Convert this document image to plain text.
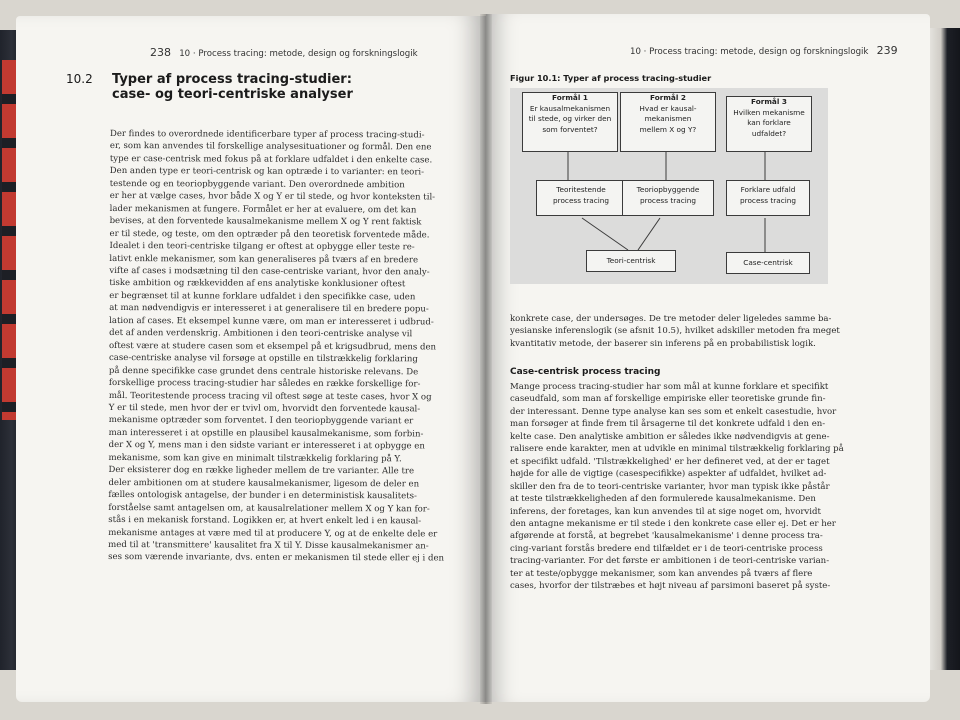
238 10 · Process tracing: metode, design og forskningslogik
10.2 Typer af process tracing-studier:
case- og teori-centriske analyser
Der findes to overordnede identificerbare typer af process tracing-studi-
er, som kan anvendes til forskellige analysesituationer og formål. Den ene
type er case-centrisk med fokus på at forklare udfaldet i den enkelte case.
Den anden type er teori-centrisk og kan optræde i to varianter: en teori-
testende og en teoriopbyggende variant. Den overordnede ambition
er her at vælge cases, hvor både X og Y er til stede, og hvor konteksten til-
lader mekanismen at fungere. Formålet er her at evaluere, om det kan
bevises, at den forventede kausalmekanisme mellem X og Y rent faktisk
er til stede, og teste, om den optræder på den teoretisk forventede måde.
Idealet i den teori-centriske tilgang er oftest at opbygge eller teste re-
lativt enkle mekanismer, som kan generaliseres på tværs af en bredere
vifte af cases i modsætning til den case-centriske variant, hvor den analy-
tiske ambition og rækkevidden af ens analytiske konklusioner oftest
er begrænset til at kunne forklare udfaldet i den specifikke case, uden
at man nødvendigvis er interesseret i at generalisere til en bredere popu-
lation af cases. Et eksempel kunne være, om man er interesseret i udbrud-
det af anden verdenskrig. Ambitionen i den teori-centriske analyse vil
oftest være at studere casen som et eksempel på et krigsudbrud, mens den
case-centriske analyse vil forsøge at opstille en tilstrækkelig forklaring
på denne specifikke case grundet dens centrale historiske relevans. De
forskellige process tracing-studier har således en række forskellige for-
mål. Teoritestende process tracing vil oftest søge at teste cases, hvor X og
Y er til stede, men hvor der er tvivl om, hvorvidt den forventede kausal-
mekanisme optræder som forventet. I den teoriopbyggende variant er
man interesseret i at opstille en plausibel kausalmekanisme, som forbin-
der X og Y, mens man i den sidste variant er interesseret i at opbygge en
mekanisme, som kan give en minimalt tilstrækkelig forklaring på Y.
Der eksisterer dog en række ligheder mellem de tre varianter. Alle tre
deler ambitionen om at studere kausalmekanismer, ligesom de deler en
fælles ontologisk antagelse, der bunder i en deterministisk kausalitets-
forståelse samt antagelsen om, at kausalrelationer mellem X og Y kan for-
stås i en mekanisk forstand. Logikken er, at hvert enkelt led i en kausal-
mekanisme antages at være med til at producere Y, og at de enkelte dele er
med til at 'transmittere' kausalitet fra X til Y. Disse kausalmekanismer an-
ses som værende invariante, dvs. enten er mekanismen til stede eller ej i den
10 · Process tracing: metode, design og forskningslogik 239
Figur 10.1: Typer af process tracing-studier
Formål 1
Er kausalmekanismen
til stede, og virker den
som forventet?
Formål 2
Hvad er kausal-
mekanismen
mellem X og Y?
Formål 3
Hvilken mekanisme
kan forklare
udfaldet?
Teoritestende
process tracing
Teoriopbyggende
process tracing
Forklare udfald
process tracing
Teori-centrisk	Case-centrisk
konkrete case, der undersøges. De tre metoder deler ligeledes samme ba-
yesianske inferenslogik (se afsnit 10.5), hvilket adskiller metoden fra meget
kvantitativ metode, der baserer sin inferens på en probabilistisk logik.
Case-centrisk process tracing
Mange process tracing-studier har som mål at kunne forklare et specifikt
caseudfald, som man af forskellige empiriske eller teoretiske grunde fin-
der interessant. Denne type analyse kan ses som et enkelt casestudie, hvor
man forsøger at finde frem til årsagerne til det konkrete udfald i den en-
kelte case. Den analytiske ambition er således ikke nødvendigvis at gene-
ralisere ende karakter, men at udvikle en minimal tilstrækkelig forklaring på
et specifikt udfald. 'Tilstrækkelighed' er her defineret ved, at der er taget
højde for alle de vigtige (casespecifikke) aspekter af udfaldet, hvilket ad-
skiller den fra de to teori-centriske varianter, hvor man typisk ikke påstår
at teste tilstrækkeligheden af den formulerede kausalmekanisme. Den
inferens, der foretages, kan kun anvendes til at sige noget om, hvorvidt
den antagne mekanisme er til stede i den konkrete case eller ej. Det er her
afgørende at forstå, at begrebet 'kausalmekanisme' i denne process tra-
cing-variant forstås bredere end tilfældet er i de teori-centriske process
tracing-varianter. For det første er ambitionen i de teori-centriske varian-
ter at teste/opbygge mekanismer, som kan anvendes på tværs af flere
cases, hvorfor der tilstræbes et højt niveau af parsimoni baseret på syste-
